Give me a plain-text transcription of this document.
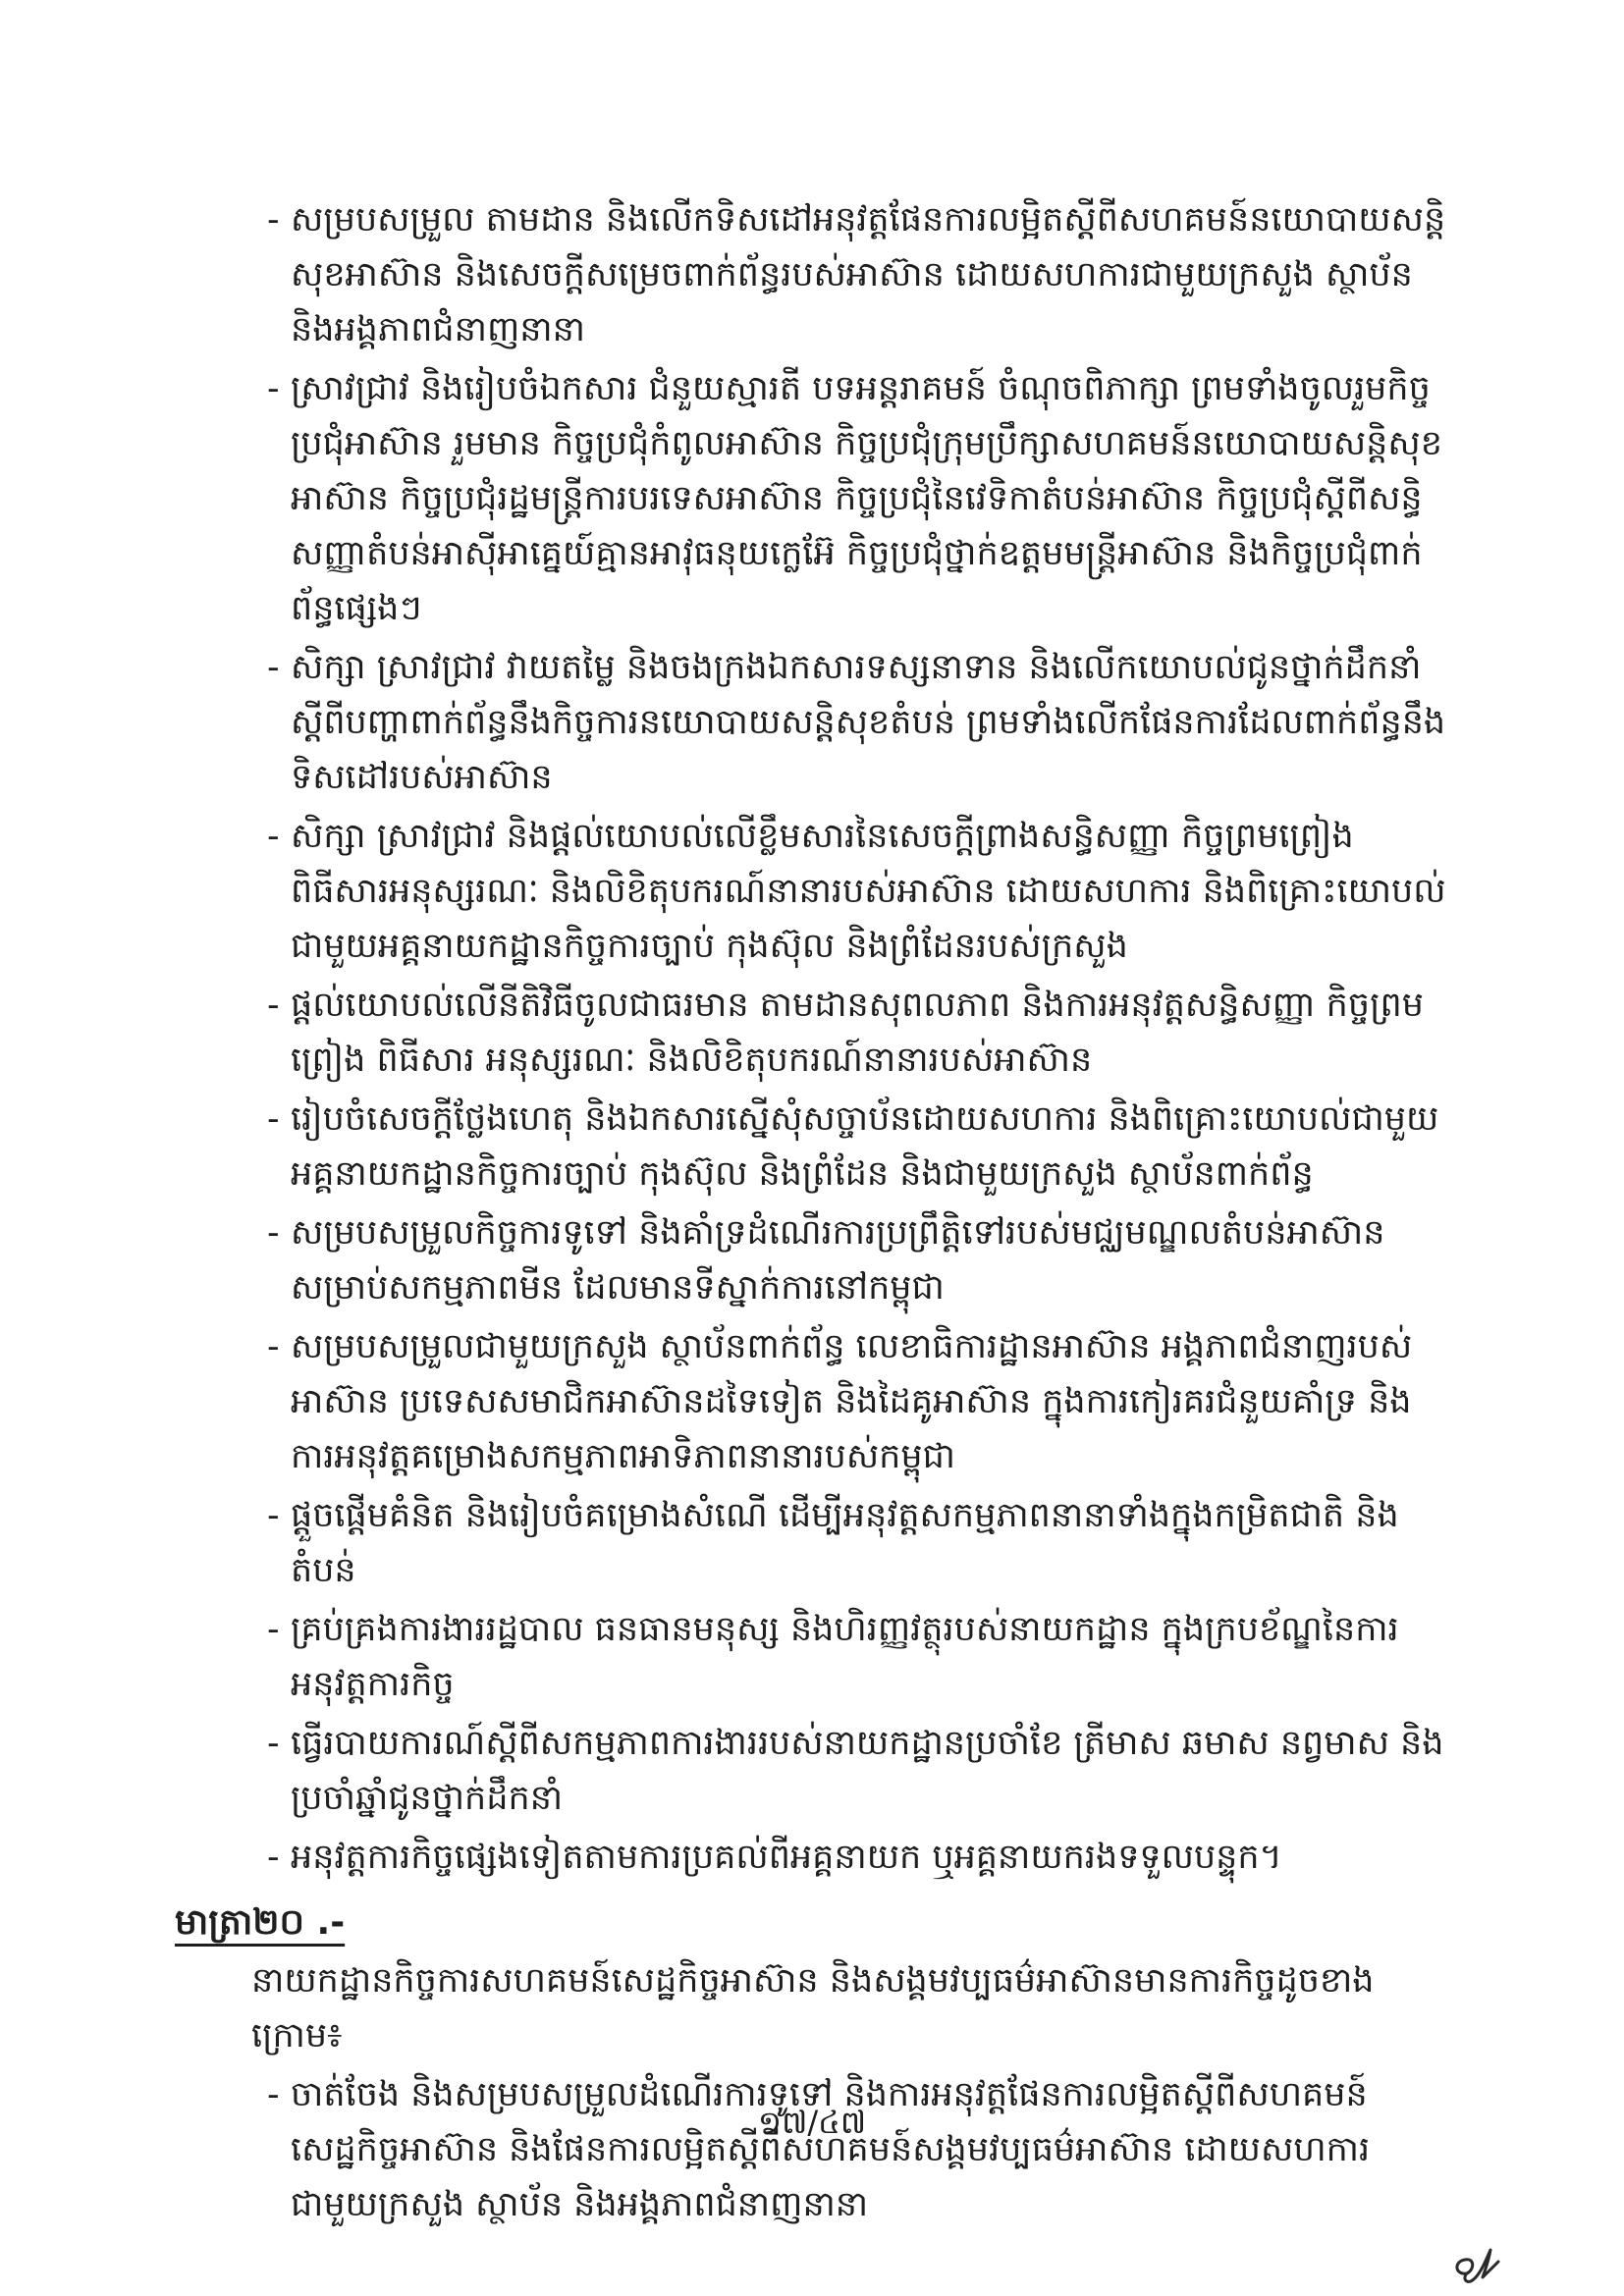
- សម្របសម្រួល តាមដាន និងលើកទិសដៅអនុវត្តផែនការលម្អិតស្តីពីសហគមន៍នយោបាយសន្តិសុខអាស៊ាន និងសេចក្តីសម្រេចពាក់ព័ន្ធរបស់អាស៊ាន ដោយសហការជាមួយក្រសួង ស្ថាប័ន និងអង្គភាពជំនាញនានា
- ស្រាវជ្រាវ និងរៀបចំឯកសារ ជំនួយស្មារតី បទអន្តរាគមន៍ ចំណុចពិភាក្សា ព្រមទាំងចូលរួមកិច្ចប្រជុំអាស៊ាន រួមមាន កិច្ចប្រជុំកំពូលអាស៊ាន កិច្ចប្រជុំក្រុមប្រឹក្សាសហគមន៍នយោបាយសន្តិសុខអាស៊ាន កិច្ចប្រជុំរដ្ឋមន្ត្រីការបរទេសអាស៊ាន កិច្ចប្រជុំនៃវេទិកាតំបន់អាស៊ាន កិច្ចប្រជុំស្តីពីសន្ធិសញ្ញាតំបន់អាស៊ីអាគ្នេយ៍គ្មានអាវុធនុយក្លេអ៊ែ កិច្ចប្រជុំថ្នាក់ឧត្តមមន្ត្រីអាស៊ាន និងកិច្ចប្រជុំពាក់ព័ន្ធផ្សេងៗ
- សិក្សា ស្រាវជ្រាវ វាយតម្លៃ និងចងក្រងឯកសារទស្សនាទាន និងលើកយោបល់ជូនថ្នាក់ដឹកនាំស្តីពីបញ្ហាពាក់ព័ន្ធនឹងកិច្ចការនយោបាយសន្តិសុខតំបន់ ព្រមទាំងលើកផែនការដែលពាក់ព័ន្ធនឹងទិសដៅរបស់អាស៊ាន
- សិក្សា ស្រាវជ្រាវ និងផ្តល់យោបល់លើខ្លឹមសារនៃសេចក្តីព្រាងសន្ធិសញ្ញា កិច្ចព្រមព្រៀង ពិធីសារអនុស្សរណៈ និងលិខិតុបករណ៍នានារបស់អាស៊ាន ដោយសហការ និងពិគ្រោះយោបល់ ជាមួយអគ្គនាយកដ្ឋានកិច្ចការច្បាប់ កុងស៊ុល និងព្រំដែនរបស់ក្រសួង
- ផ្តល់យោបល់លើនីតិវិធីចូលជាធរមាន តាមដានសុពលភាព និងការអនុវត្តសន្ធិសញ្ញា កិច្ចព្រមព្រៀង ពិធីសារ អនុស្សរណៈ និងលិខិតុបករណ៍នានារបស់អាស៊ាន
- រៀបចំសេចក្តីថ្លែងហេតុ និងឯកសារស្នើសុំសច្ចាប័នដោយសហការ និងពិគ្រោះយោបល់ជាមួយអគ្គនាយកដ្ឋានកិច្ចការច្បាប់ កុងស៊ុល និងព្រំដែន និងជាមួយក្រសួង ស្ថាប័នពាក់ព័ន្ធ
- សម្របសម្រួលកិច្ចការទូទៅ និងគាំទ្រដំណើរការប្រព្រឹត្តិទៅរបស់មជ្ឈមណ្ឌលតំបន់អាស៊ានសម្រាប់សកម្មភាពមីន ដែលមានទីស្នាក់ការនៅកម្ពុជា
- សម្របសម្រួលជាមួយក្រសួង ស្ថាប័នពាក់ព័ន្ធ លេខាធិការដ្ឋានអាស៊ាន អង្គភាពជំនាញរបស់អាស៊ាន ប្រទេសសមាជិកអាស៊ានដទៃទៀត និងដៃគូអាស៊ាន ក្នុងការកៀរគរជំនួយគាំទ្រ និងការអនុវត្តគម្រោងសកម្មភាពអាទិភាពនានារបស់កម្ពុជា
- ផ្តួចផ្តើមគំនិត និងរៀបចំគម្រោងសំណើ ដើម្បីអនុវត្តសកម្មភាពនានាទាំងក្នុងកម្រិតជាតិ និងតំបន់
- គ្រប់គ្រងការងាររដ្ឋបាល ធនធានមនុស្ស និងហិរញ្ញវត្ថុរបស់នាយកដ្ឋាន ក្នុងក្របខ័ណ្ឌនៃការអនុវត្តការកិច្ច
- ធ្វើរបាយការណ៍ស្តីពីសកម្មភាពការងាររបស់នាយកដ្ឋានប្រចាំខែ ត្រីមាស ឆមាស នព្វមាស និងប្រចាំឆ្នាំជូនថ្នាក់ដឹកនាំ
- អនុវត្តការកិច្ចផ្សេងទៀតតាមការប្រគល់ពីអគ្គនាយក ឬអគ្គនាយករងទទួលបន្ទុក។
មាត្រា២០ .-
នាយកដ្ឋានកិច្ចការសហគមន៍សេដ្ឋកិច្ចអាស៊ាន និងសង្គមវប្បធម៌អាស៊ានមានការកិច្ចដូចខាងក្រោម៖
- ចាត់ចែង និងសម្របសម្រួលដំណើរការទូទៅ និងការអនុវត្តផែនការលម្អិតស្តីពីសហគមន៍សេដ្ឋកិច្ចអាស៊ាន និងផែនការលម្អិតស្តីពីសហគមន៍សង្គមវប្បធម៌អាស៊ាន ដោយសហការជាមួយក្រសួង ស្ថាប័ន និងអង្គភាពជំនាញនានា
១៧/៤៧
